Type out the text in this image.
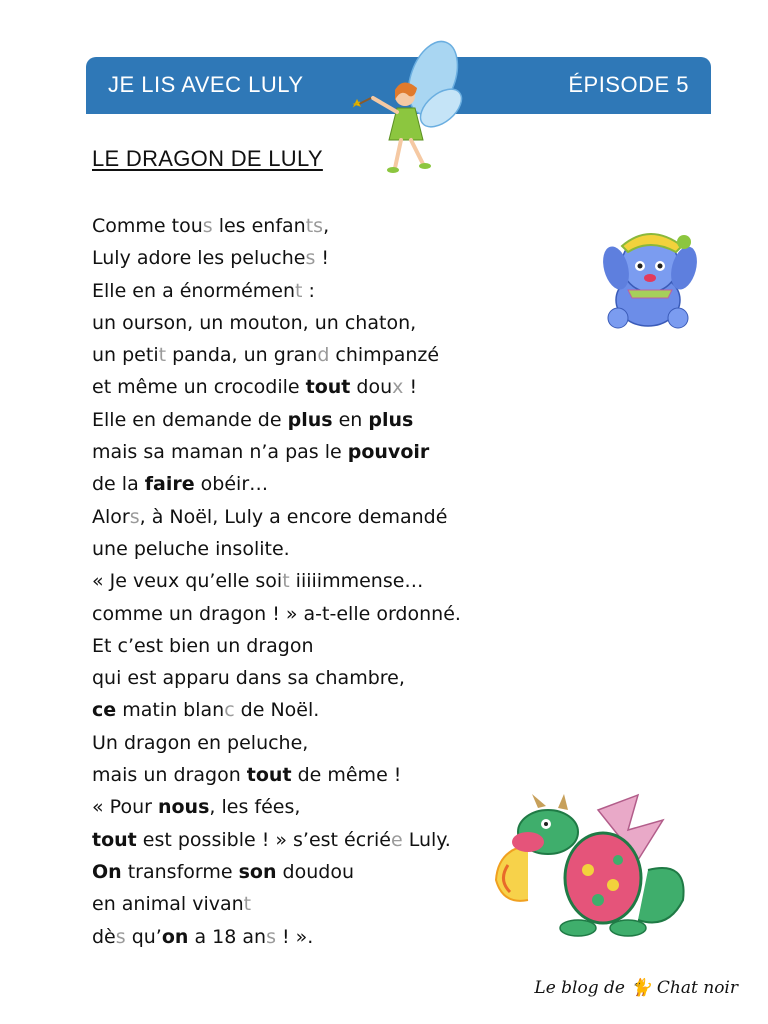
JE LIS AVEC LULY	ÉPISODE 5
LE DRAGON DE LULY
Comme tous les enfants,
Luly adore les peluches !
Elle en a énormément :
un ourson, un mouton, un chaton,
un petit panda, un grand chimpanzé
et même un crocodile tout doux !
Elle en demande de plus en plus
mais sa maman n’a pas le pouvoir
de la faire obéir…
Alors, à Noël, Luly a encore demandé
une peluche insolite.
« Je veux qu’elle soit iiiiimmense…
comme un dragon ! » a-t-elle ordonné.
Et c’est bien un dragon
qui est apparu dans sa chambre,
ce matin blanc de Noël.
Un dragon en peluche,
mais un dragon tout de même !
« Pour nous, les fées,
tout est possible ! » s’est écriée Luly.
On transforme son doudou
en animal vivant
dès qu’on a 18 ans ! ».
Le blog de 🐈 Chat noir
